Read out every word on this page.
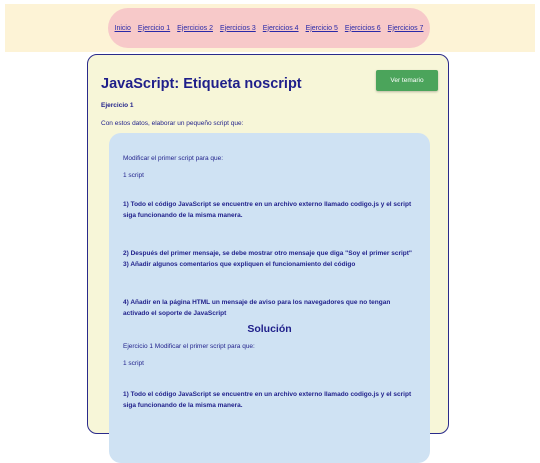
Inicio Ejercicio 1 Ejercicios 2 Ejercicios 3 Ejercicios 4 Ejercicio 5 Ejercicios 6 Ejercicios 7
JavaScript: Etiqueta noscript	Ver temario
Ejercicio 1
Con estos datos, elaborar un pequeño script que:
Modificar el primer script para que:
1 script
1) Todo el código JavaScript se encuentre en un archivo externo llamado codigo.js y el script siga funcionando de la misma manera.
2) Después del primer mensaje, se debe mostrar otro mensaje que diga "Soy el primer script" 3) Añadir algunos comentarios que expliquen el funcionamiento del código
4) Añadir en la página HTML un mensaje de aviso para los navegadores que no tengan activado el soporte de JavaScript
Solución
Ejercicio 1 Modificar el primer script para que:
1 script
1) Todo el código JavaScript se encuentre en un archivo externo llamado codigo.js y el script siga funcionando de la misma manera.
